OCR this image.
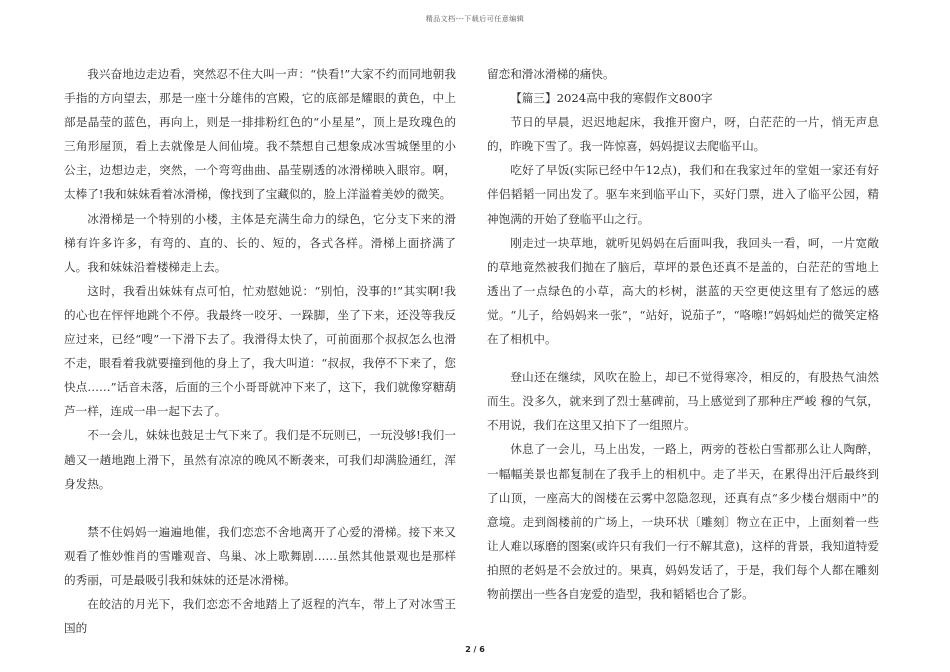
精品文档---下载后可任意编辑

我兴奋地边走边看，突然忍不住大叫一声：“快看!”大家不约而同地朝我手指的方向望去，那是一座十分雄伟的宫殿，它的底部是耀眼的黄色，中上部是晶莹的蓝色，再向上，则是一排排粉红色的“小星星”，顶上是玫瑰色的三角形屋顶，看上去就像是人间仙境。我不禁想自己想象成冰雪城堡里的小公主，边想边走，突然，一个弯弯曲曲、晶莹剔透的冰滑梯映入眼帘。啊，太棒了!我和妹妹看着冰滑梯，像找到了宝藏似的，脸上洋溢着美妙的微笑。

冰滑梯是一个特别的小楼，主体是充满生命力的绿色，它分支下来的滑梯有许多许多，有弯的、直的、长的、短的，各式各样。滑梯上面挤满了人。我和妹妹沿着楼梯走上去。

这时，我看出妹妹有点可怕，忙劝慰她说：“别怕，没事的!”其实啊!我的心也在怦怦地跳个不停。我最终一咬牙、一跺脚，坐了下来，还没等我反应过来，已经“嗖”一下滑下去了。我滑得太快了，可前面那个叔叔怎么也滑不走，眼看着我就要撞到他的身上了，我大叫道：“叔叔，我停不下来了，您快点……”话音未落，后面的三个小哥哥就冲下来了，这下，我们就像穿糖葫芦一样，连成一串一起下去了。

不一会儿，妹妹也鼓足士气下来了。我们是不玩则已，一玩没够!我们一趟又一趟地跑上滑下，虽然有凉凉的晚风不断袭来，可我们却满脸通红，浑身发热。

禁不住妈妈一遍遍地催，我们恋恋不舍地离开了心爱的滑梯。接下来又观看了惟妙惟肖的雪雕观音、鸟巢、冰上歌舞剧……虽然其他景观也是那样的秀丽，可是最吸引我和妹妹的还是冰滑梯。

在皎洁的月光下，我们恋恋不舍地踏上了返程的汽车，带上了对冰雪王国的

留恋和滑冰滑梯的痛快。

【篇三】2024高中我的寒假作文800字

节日的早晨，迟迟地起床，我推开窗户，呀，白茫茫的一片，悄无声息的，昨晚下雪了。我一阵惊喜，妈妈提议去爬临平山。

吃好了早饭(实际已经中午12点)，我们和在我家过年的堂姐一家还有好伴侣韬韬一同出发了。驱车来到临平山下，买好门票，进入了临平公园，精神饱满的开始了登临平山之行。

刚走过一块草地，就听见妈妈在后面叫我，我回头一看，呵，一片宽敞的草地竟然被我们抛在了脑后，草坪的景色还真不是盖的，白茫茫的雪地上透出了一点绿色的小草，高大的杉树，湛蓝的天空更使这里有了悠远的感觉。“儿子，给妈妈来一张”，“站好，说茄子”，“咯嚓!”妈妈灿烂的微笑定格在了相机中。

登山还在继续，风吹在脸上，却已不觉得寒冷，相反的，有股热气油然而生。没多久，就来到了烈士墓碑前，马上感觉到了那种庄严峻 穆的气氛，不用说，我们在这里又拍下了一组照片。

休息了一会儿，马上出发，一路上，两旁的苍松白雪都那么让人陶醉，一幅幅美景也都复制在了我手上的相机中。走了半天，在累得出汗后最终到了山顶，一座高大的阁楼在云雾中忽隐忽现，还真有点“多少楼台烟雨中”的意境。走到阁楼前的广场上，一块环状〔雕刻〕物立在正中，上面刻着一些让人难以琢磨的图案(或许只有我们一行不解其意)，这样的背景，我知道特爱拍照的老妈是不会放过的。果真，妈妈发话了，于是，我们每个人都在雕刻物前摆出一些各自宠爱的造型，我和韬韬也合了影。

2 / 6
